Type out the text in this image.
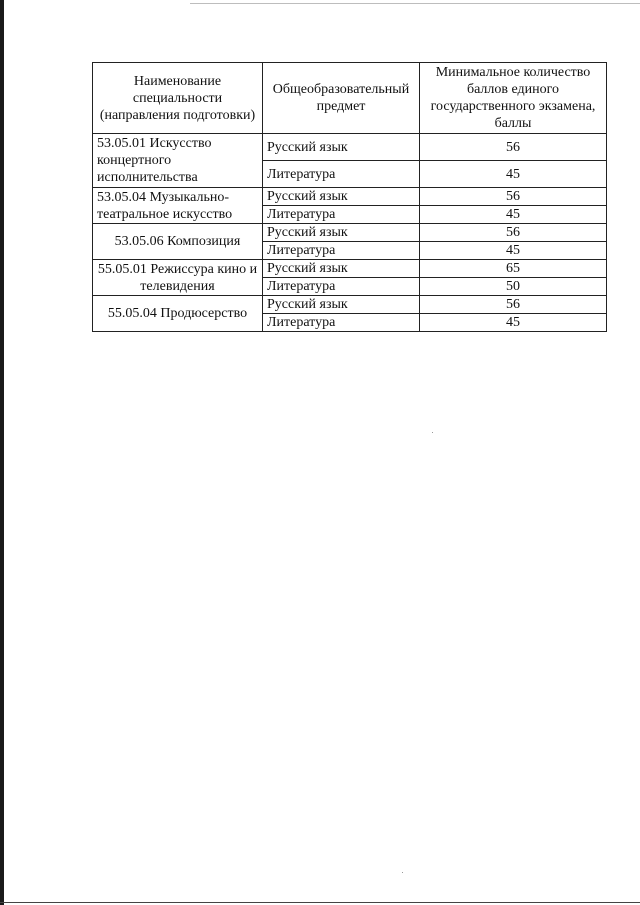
Наименование специальности (направления подготовки)	Общеобразовательный предмет	Минимальное количество баллов единого государственного экзамена, баллы
53.05.01 Искусство концертного исполнительства	Русский язык	56
	Литература	45
53.05.04 Музыкально-театральное искусство	Русский язык	56
	Литература	45
53.05.06 Композиция	Русский язык	56
	Литература	45
55.05.01 Режиссура кино и телевидения	Русский язык	65
	Литература	50
55.05.04 Продюсерство	Русский язык	56
	Литература	45
